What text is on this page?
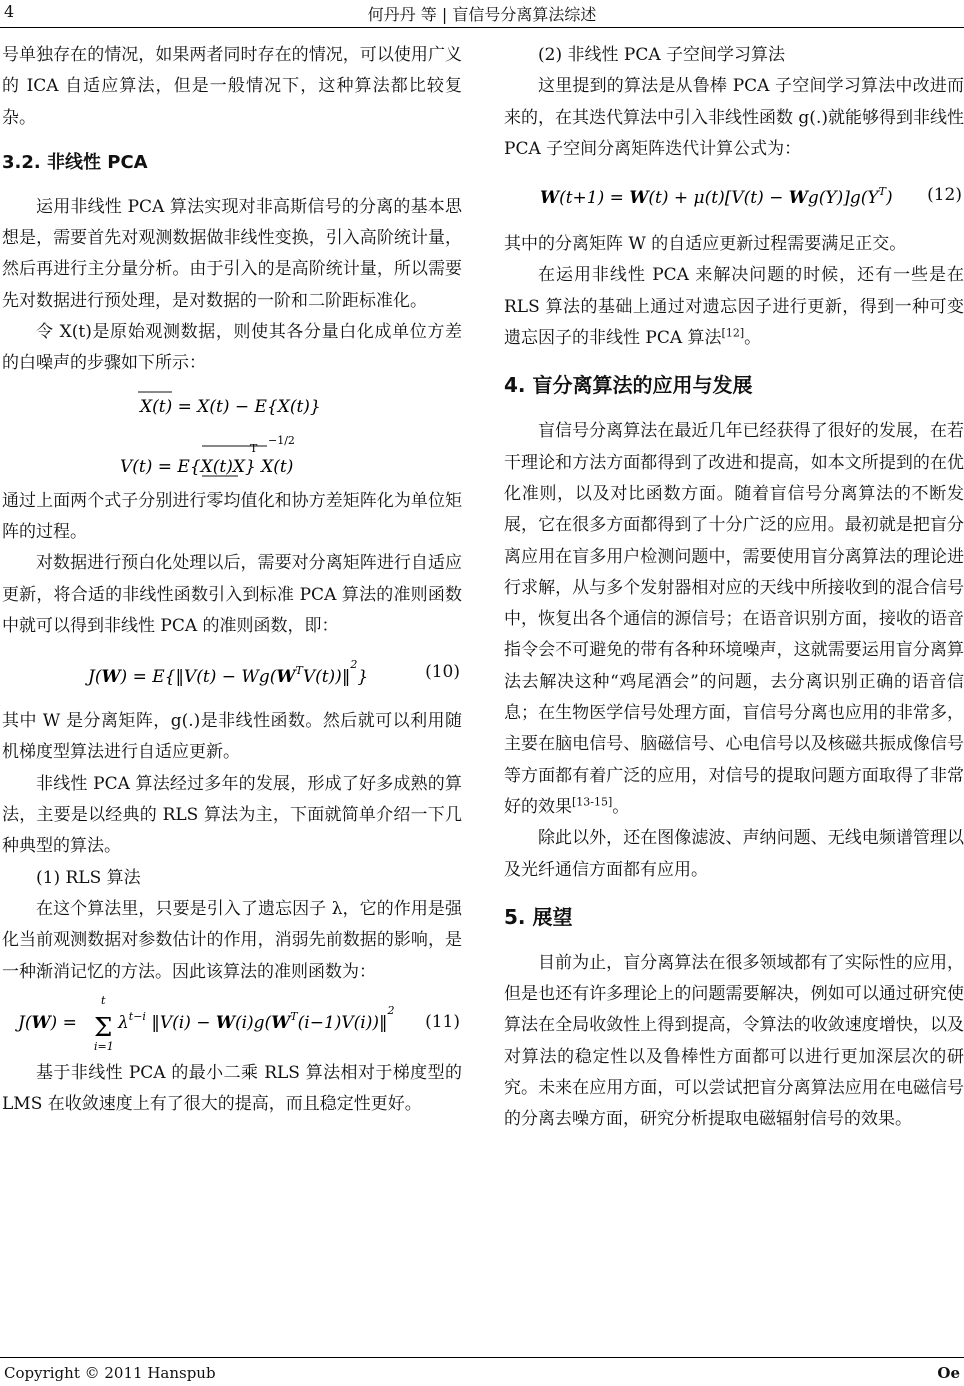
4	何丹丹 等 | 盲信号分离算法综述

号单独存在的情况，如果两者同时存在的情况，可以使用广义的 ICA 自适应算法，但是一般情况下，这种算法都比较复杂。

3.2. 非线性 PCA

运用非线性 PCA 算法实现对非高斯信号的分离的基本思想是，需要首先对观测数据做非线性变换，引入高阶统计量，然后再进行主分量分析。由于引入的是高阶统计量，所以需要先对数据进行预处理，是对数据的一阶和二阶距标准化。

令 X(t)是原始观测数据，则使其各分量白化成单位方差的白噪声的步骤如下所示：

X(t) = X(t) − E{X(t)}
T
−1/2
V(t) = E{X(t)X} X(t)

通过上面两个式子分别进行零均值化和协方差矩阵化为单位矩阵的过程。

对数据进行预白化处理以后，需要对分离矩阵进行自适应更新，将合适的非线性函数引入到标准 PCA 算法的准则函数中就可以得到非线性 PCA 的准则函数，即：

J(W) = E{‖V(t) − $Wg(W^TV(t))‖^2$}	(10)

其中 W 是分离矩阵，g(.)是非线性函数。然后就可以利用随机梯度型算法进行自适应更新。

非线性 PCA 算法经过多年的发展，形成了好多成熟的算法，主要是以经典的 RLS 算法为主，下面就简单介绍一下几种典型的算法。

(1) RLS 算法

在这个算法里，只要是引入了遗忘因子 λ，它的作用是强化当前观测数据对参数估计的作用，消弱先前数据的影响，是一种渐消记忆的方法。因此该算法的准则函数为：

J(W) = Σ
t
i=1
$\lambda^{t-i}$ ‖V(i) − $W(i)g(W^T(i-1)V(i))‖^2$
(11)

基于非线性 PCA 的最小二乘 RLS 算法相对于梯度型的 LMS 在收敛速度上有了很大的提高，而且稳定性更好。

(2) 非线性 PCA 子空间学习算法

这里提到的算法是从鲁棒 PCA 子空间学习算法中改进而来的，在其迭代算法中引入非线性函数 g(.)就能够得到非线性 PCA 子空间分离矩阵迭代计算公式为：

$W(t+1) = W(t) + \mu(t)[V(t) - Wg(Y)]g(Y^T)$ (12)

其中的分离矩阵 W 的自适应更新过程需要满足正交。

在运用非线性 PCA 来解决问题的时候，还有一些是在 RLS 算法的基础上通过对遗忘因子进行更新，得到一种可变遗忘因子的非线性 PCA 算法[12]。

4. 盲分离算法的应用与发展

盲信号分离算法在最近几年已经获得了很好的发展，在若干理论和方法方面都得到了改进和提高，如本文所提到的在优化准则，以及对比函数方面。随着盲信号分离算法的不断发展，它在很多方面都得到了十分广泛的应用。最初就是把盲分离应用在盲多用户检测问题中，需要使用盲分离算法的理论进行求解，从与多个发射器相对应的天线中所接收到的混合信号中，恢复出各个通信的源信号；在语音识别方面，接收的语音指令会不可避免的带有各种环境噪声，这就需要运用盲分离算法去解决这种“鸡尾酒会”的问题，去分离识别正确的语音信息；在生物医学信号处理方面，盲信号分离也应用的非常多，主要在脑电信号、脑磁信号、心电信号以及核磁共振成像信号等方面都有着广泛的应用，对信号的提取问题方面取得了非常好的效果[13-15]。

除此以外，还在图像滤波、声纳问题、无线电频谱管理以及光纤通信方面都有应用。

5. 展望

目前为止，盲分离算法在很多领域都有了实际性的应用，但是也还有许多理论上的问题需要解决，例如可以通过研究使算法在全局收敛性上得到提高，令算法的收敛速度增快，以及对算法的稳定性以及鲁棒性方面都可以进行更加深层次的研究。未来在应用方面，可以尝试把盲分离算法应用在电磁信号的分离去噪方面，研究分析提取电磁辐射信号的效果。

Copyright © 2011 Hanspub	Oe
